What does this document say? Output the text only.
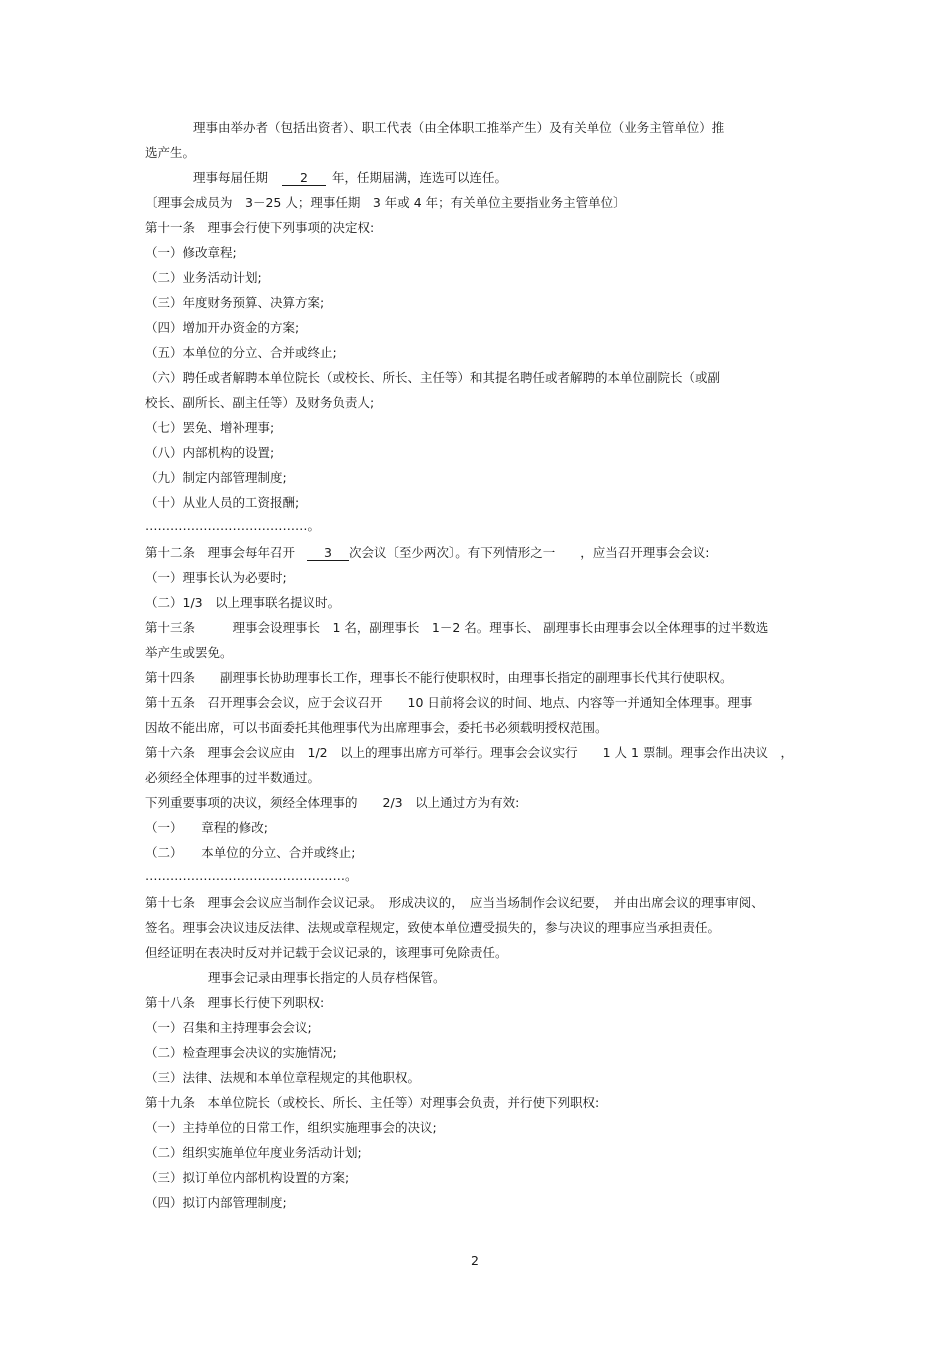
理事由举办者（包括出资者）、职工代表（由全体职工推举产生）及有关单位（业务主管单位）推
选产生。
理事每届任期	2 年，任期届满，连选可以连任。
〔理事会成员为　3－25 人；理事任期　3 年或 4 年；有关单位主要指业务主管单位〕
第十一条　理事会行使下列事项的决定权:
（一）修改章程;
（二）业务活动计划;
（三）年度财务预算、决算方案;
（四）增加开办资金的方案;
（五）本单位的分立、合并或终止;
（六）聘任或者解聘本单位院长（或校长、所长、主任等）和其提名聘任或者解聘的本单位副院长（或副
校长、副所长、副主任等）及财务负责人;
（七）罢免、增补理事;
（八）内部机构的设置;
（九）制定内部管理制度;
（十）从业人员的工资报酬;
…………………………………。
第十二条　理事会每年召开 3 次会议〔至少两次〕。有下列情形之一　　，应当召开理事会会议:
（一）理事长认为必要时;
（二）1/3　以上理事联名提议时。
第十三条　　　理事会设理事长　1 名，副理事长　1－2 名。理事长、 副理事长由理事会以全体理事的过半数选
举产生或罢免。
第十四条　　副理事长协助理事长工作，理事长不能行使职权时，由理事长指定的副理事长代其行使职权。
第十五条　召开理事会会议，应于会议召开　　10 日前将会议的时间、地点、内容等一并通知全体理事。理事
因故不能出席，可以书面委托其他理事代为出席理事会，委托书必须载明授权范围。
第十六条　理事会会议应由　1/2　以上的理事出席方可举行。理事会会议实行　　1 人 1 票制。理事会作出决议　，
必须经全体理事的过半数通过。
下列重要事项的决议，须经全体理事的　　2/3　以上通过方为有效:
（一）　　章程的修改;
（二）　　本单位的分立、合并或终止;
…………………………………………。
第十七条　理事会会议应当制作会议记录。　形成决议的，　应当当场制作会议纪要，　并由出席会议的理事审阅、
签名。理事会决议违反法律、法规或章程规定，致使本单位遭受损失的，参与决议的理事应当承担责任。
但经证明在表决时反对并记载于会议记录的，该理事可免除责任。
理事会记录由理事长指定的人员存档保管。
第十八条　理事长行使下列职权:
（一）召集和主持理事会会议;
（二）检查理事会决议的实施情况;
（三）法律、法规和本单位章程规定的其他职权。
第十九条　本单位院长（或校长、所长、主任等）对理事会负责，并行使下列职权:
（一）主持单位的日常工作，组织实施理事会的决议;
（二）组织实施单位年度业务活动计划;
（三）拟订单位内部机构设置的方案;
（四）拟订内部管理制度;
2
